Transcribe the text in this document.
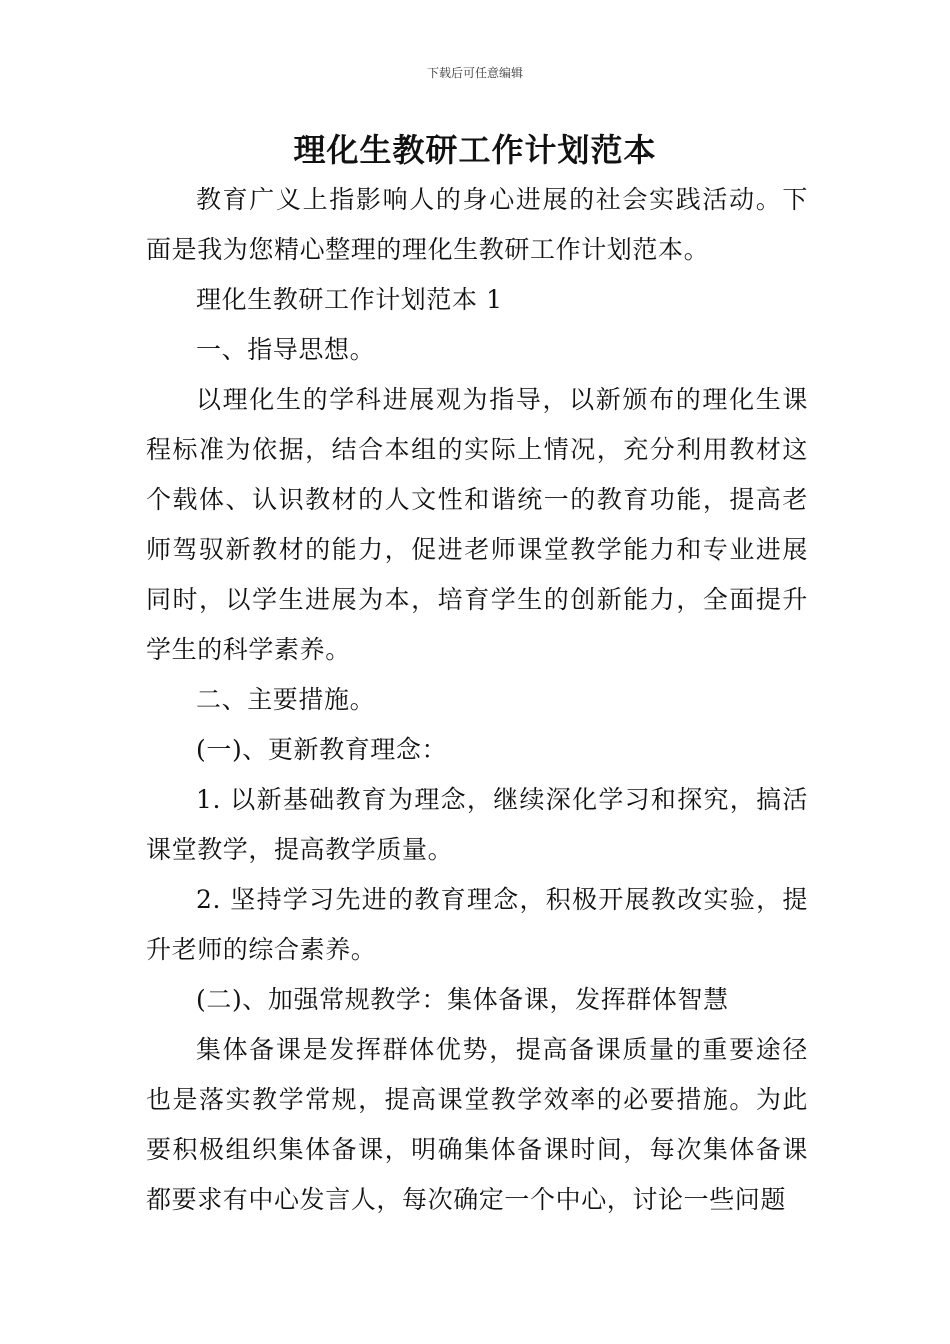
下载后可任意编辑
理化生教研工作计划范本

教育广义上指影响人的身心进展的社会实践活动。下面是我为您精心整理的理化生教研工作计划范本。

理化生教研工作计划范本 1

一、指导思想。

以理化生的学科进展观为指导，以新颁布的理化生课程标准为依据，结合本组的实际上情况，充分利用教材这个载体、认识教材的人文性和谐统一的教育功能，提高老师驾驭新教材的能力，促进老师课堂教学能力和专业进展同时，以学生进展为本，培育学生的创新能力，全面提升学生的科学素养。

二、主要措施。

(一)、更新教育理念：

1. 以新基础教育为理念，继续深化学习和探究，搞活课堂教学，提高教学质量。

2. 坚持学习先进的教育理念，积极开展教改实验，提升老师的综合素养。

(二)、加强常规教学：集体备课，发挥群体智慧

集体备课是发挥群体优势，提高备课质量的重要途径也是落实教学常规，提高课堂教学效率的必要措施。为此要积极组织集体备课，明确集体备课时间，每次集体备课都要求有中心发言人，每次确定一个中心，讨论一些问题
